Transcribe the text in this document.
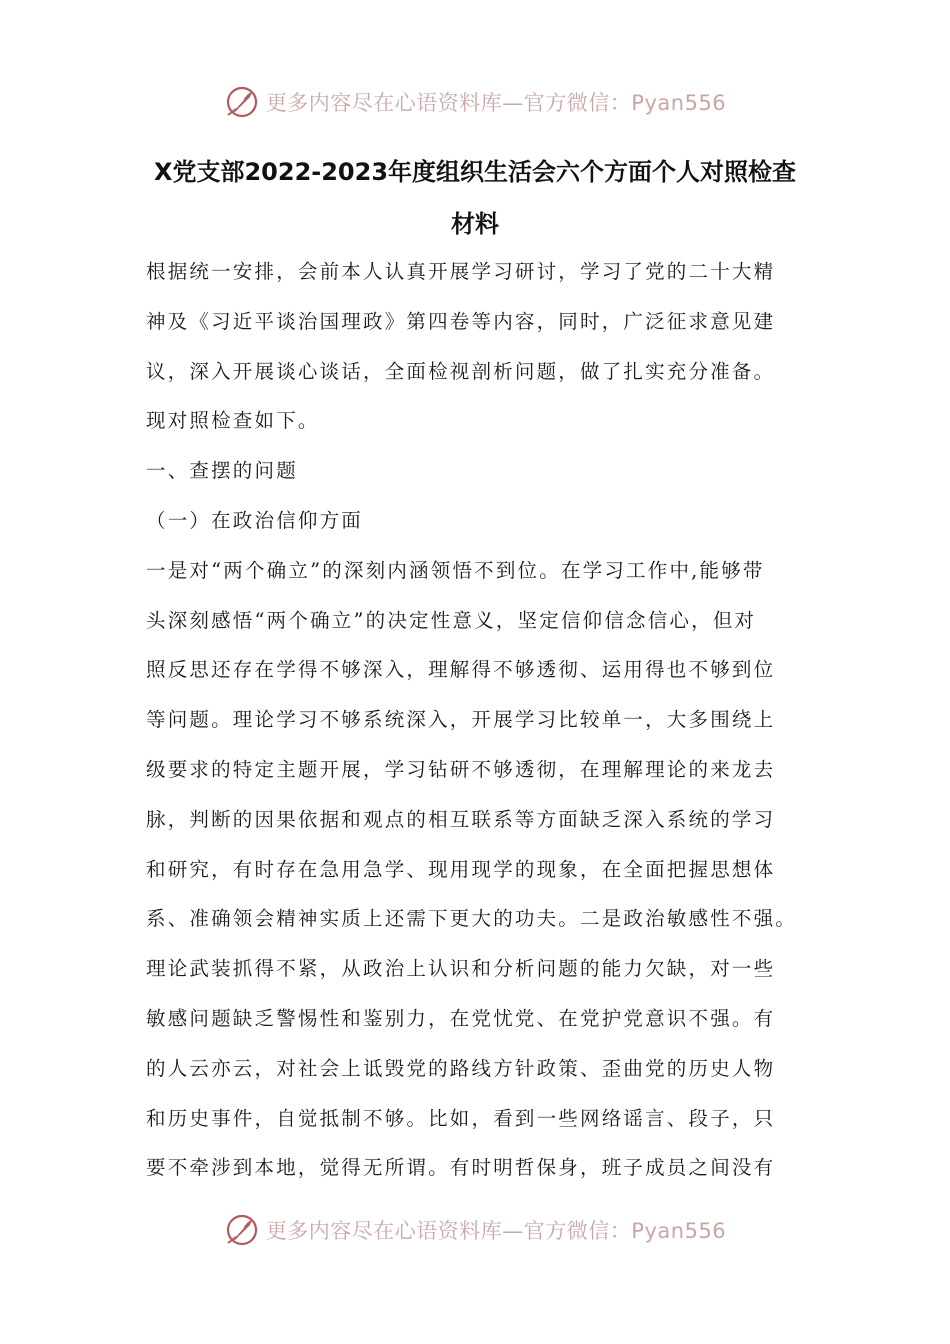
更多内容尽在心语资料库—官方微信：Pyan556
X党支部2022-2023年度组织生活会六个方面个人对照检查
材料
根据统一安排，会前本人认真开展学习研讨，学习了党的二十大精
神及《习近平谈治国理政》第四卷等内容，同时，广泛征求意见建
议，深入开展谈心谈话，全面检视剖析问题，做了扎实充分准备。
现对照检查如下。
一、查摆的问题
（一）在政治信仰方面
一是对“两个确立”的深刻内涵领悟不到位。在学习工作中,能够带
头深刻感悟“两个确立”的决定性意义，坚定信仰信念信心，但对
照反思还存在学得不够深入，理解得不够透彻、运用得也不够到位
等问题。理论学习不够系统深入，开展学习比较单一，大多围绕上
级要求的特定主题开展，学习钻研不够透彻，在理解理论的来龙去
脉，判断的因果依据和观点的相互联系等方面缺乏深入系统的学习
和研究，有时存在急用急学、现用现学的现象，在全面把握思想体
系、准确领会精神实质上还需下更大的功夫。二是政治敏感性不强。
理论武装抓得不紧，从政治上认识和分析问题的能力欠缺，对一些
敏感问题缺乏警惕性和鉴别力，在党忧党、在党护党意识不强。有
的人云亦云，对社会上诋毁党的路线方针政策、歪曲党的历史人物
和历史事件，自觉抵制不够。比如，看到一些网络谣言、段子，只
要不牵涉到本地，觉得无所谓。有时明哲保身，班子成员之间没有
更多内容尽在心语资料库—官方微信：Pyan556
